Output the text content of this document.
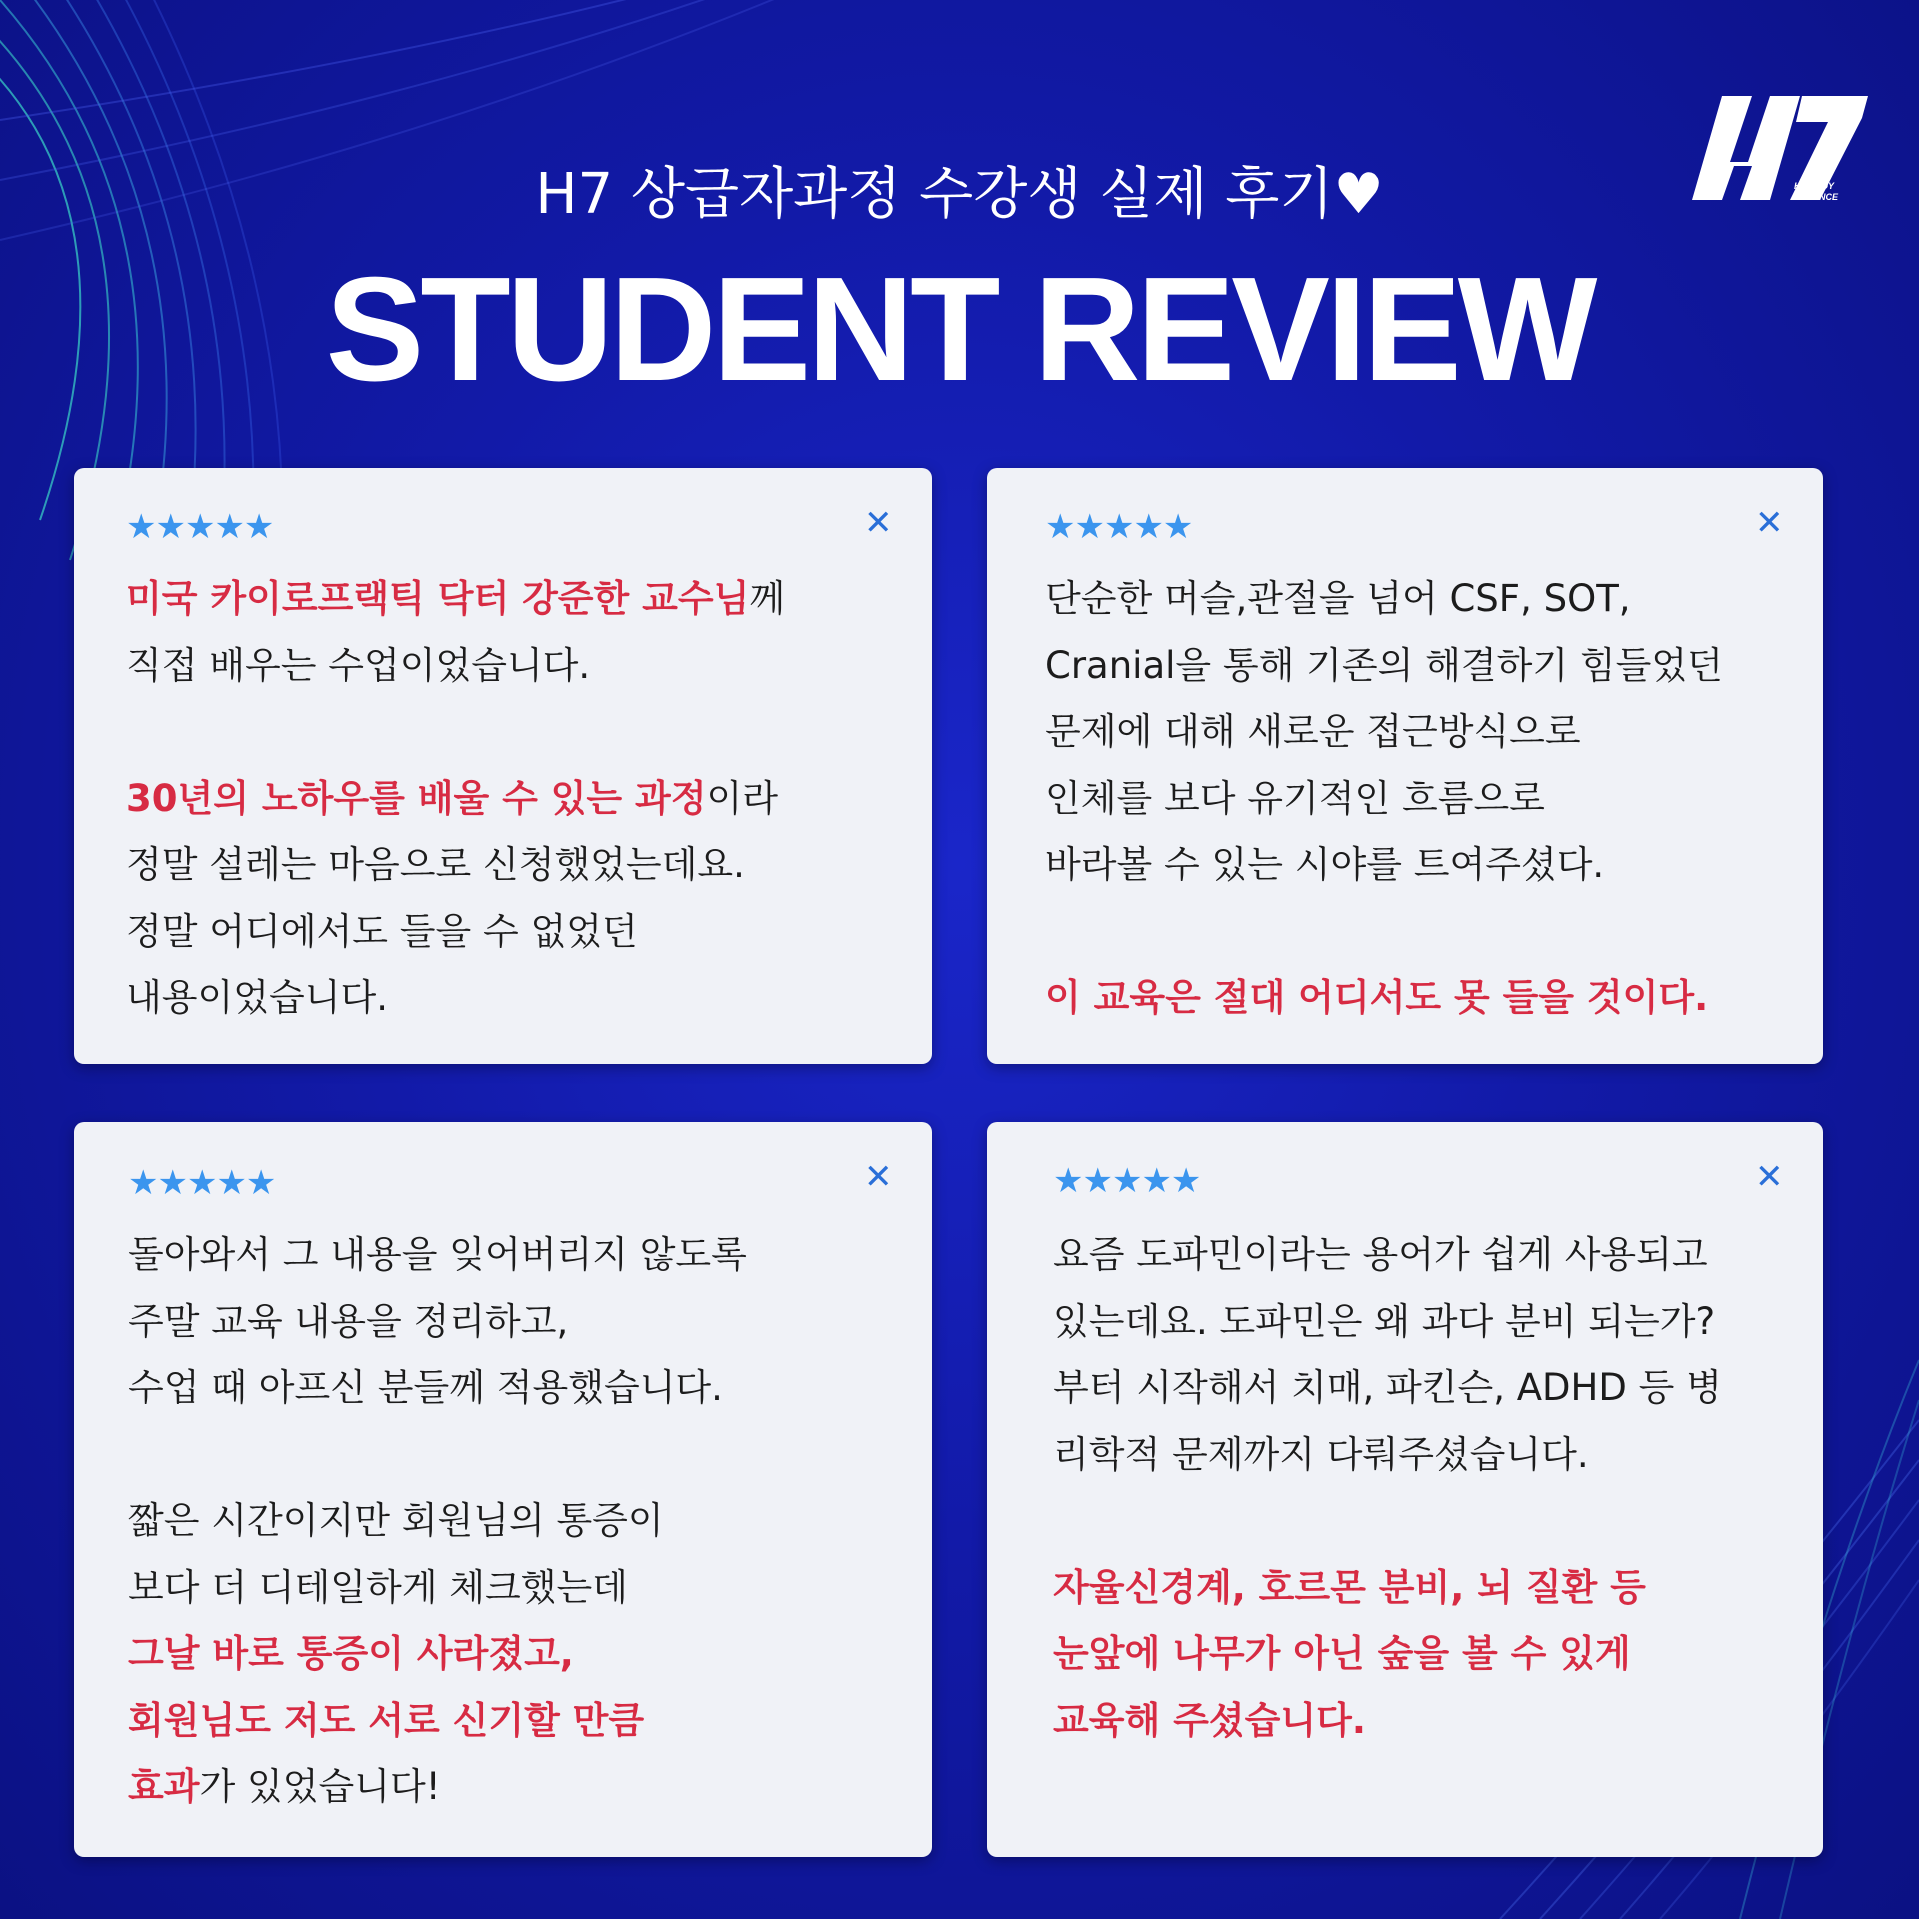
H7 BODY
BALANCE
H7 상급자과정 수강생 실제 후기♥
STUDENT REVIEW
★★★★★	✕
미국 카이로프랙틱 닥터 강준한 교수님께
직접 배우는 수업이었습니다.
30년의 노하우를 배울 수 있는 과정이라
정말 설레는 마음으로 신청했었는데요.
정말 어디에서도 들을 수 없었던
내용이었습니다.
★★★★★	✕
단순한 머슬,관절을 넘어 CSF, SOT,
Cranial을 통해 기존의 해결하기 힘들었던
문제에 대해 새로운 접근방식으로
인체를 보다 유기적인 흐름으로
바라볼 수 있는 시야를 트여주셨다.
이 교육은 절대 어디서도 못 들을 것이다.
★★★★★	✕
돌아와서 그 내용을 잊어버리지 않도록
주말 교육 내용을 정리하고,
수업 때 아프신 분들께 적용했습니다.
짧은 시간이지만 회원님의 통증이
보다 더 디테일하게 체크했는데
그날 바로 통증이 사라졌고,
회원님도 저도 서로 신기할 만큼
효과가 있었습니다!
★★★★★	✕
요즘 도파민이라는 용어가 쉽게 사용되고
있는데요. 도파민은 왜 과다 분비 되는가?
부터 시작해서 치매, 파킨슨, ADHD 등 병
리학적 문제까지 다뤄주셨습니다.
자율신경계, 호르몬 분비, 뇌 질환 등
눈앞에 나무가 아닌 숲을 볼 수 있게
교육해 주셨습니다.
